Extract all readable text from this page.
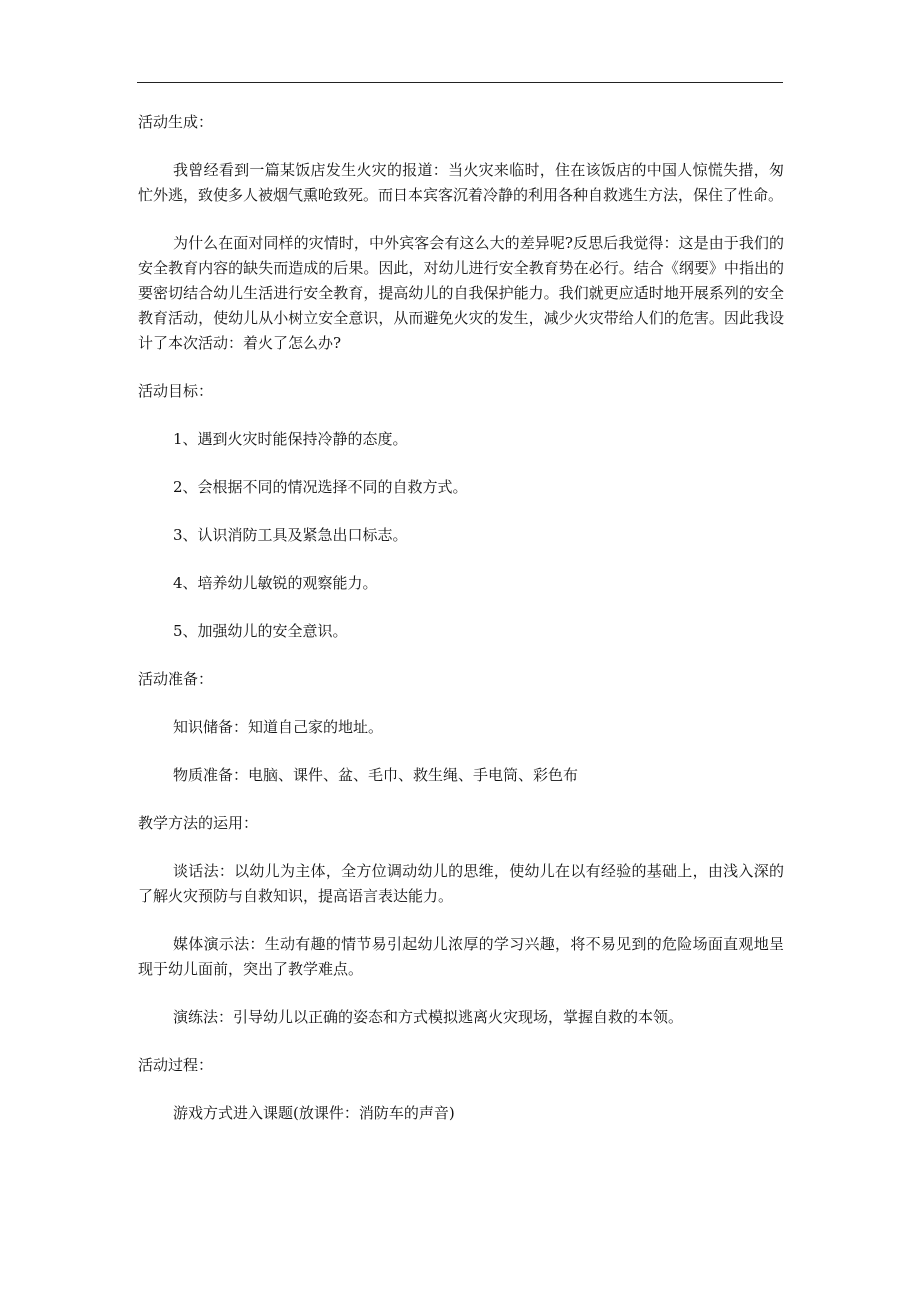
活动生成：

我曾经看到一篇某饭店发生火灾的报道：当火灾来临时，住在该饭店的中国人惊慌失措，匆忙外逃，致使多人被烟气熏呛致死。而日本宾客沉着冷静的利用各种自救逃生方法，保住了性命。

为什么在面对同样的灾情时，中外宾客会有这么大的差异呢?反思后我觉得：这是由于我们的安全教育内容的缺失而造成的后果。因此，对幼儿进行安全教育势在必行。结合《纲要》中指出的要密切结合幼儿生活进行安全教育，提高幼儿的自我保护能力。我们就更应适时地开展系列的安全教育活动，使幼儿从小树立安全意识，从而避免火灾的发生，减少火灾带给人们的危害。因此我设计了本次活动：着火了怎么办?

活动目标：

1、遇到火灾时能保持冷静的态度。

2、会根据不同的情况选择不同的自救方式。

3、认识消防工具及紧急出口标志。

4、培养幼儿敏锐的观察能力。

5、加强幼儿的安全意识。

活动准备：

知识储备：知道自己家的地址。

物质准备：电脑、课件、盆、毛巾、救生绳、手电筒、彩色布

教学方法的运用：

谈话法：以幼儿为主体，全方位调动幼儿的思维，使幼儿在以有经验的基础上，由浅入深的了解火灾预防与自救知识，提高语言表达能力。

媒体演示法：生动有趣的情节易引起幼儿浓厚的学习兴趣，将不易见到的危险场面直观地呈现于幼儿面前，突出了教学难点。

演练法：引导幼儿以正确的姿态和方式模拟逃离火灾现场，掌握自救的本领。

活动过程：

游戏方式进入课题(放课件：消防车的声音)
